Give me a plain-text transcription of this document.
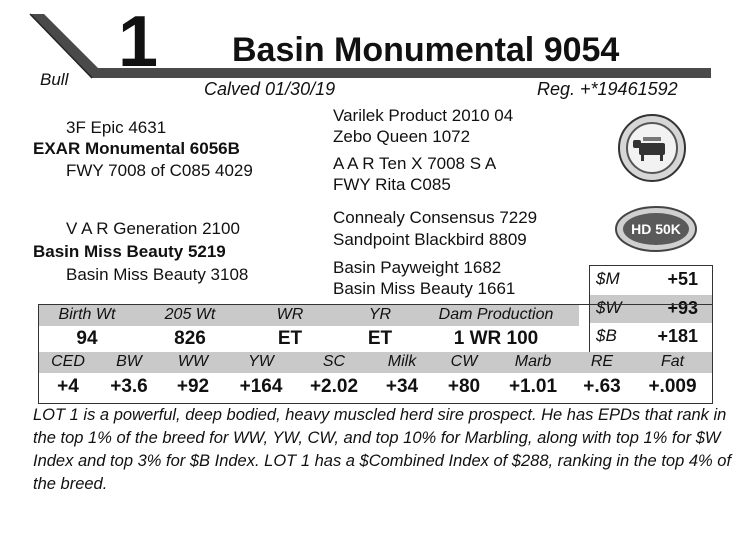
1 Basin Monumental 9054
Bull	Calved 01/30/19	Reg. +*19461592
3F Epic 4631
EXAR Monumental 6056B
FWY 7008 of C085 4029
V A R Generation 2100
Basin Miss Beauty 5219
Basin Miss Beauty 3108
Varilek Product 2010 04
Zebo Queen 1072
A A R Ten X 7008 S A
FWY Rita C085
Connealy Consensus 7229
Sandpoint Blackbird 8809
Basin Payweight 1682
Basin Miss Beauty 1661
HD 50K
$M	+51
$W	+93
$B +181
Birth Wt	205 Wt	WR	YR	Dam Production
94	826	ET	ET	1 WR 100
CED	BW	WW	YW	SC	Milk	CW	Marb	RE	Fat
+4	+3.6	+92	+164	+2.02	+34	+80	+1.01	+.63	+.009
LOT 1 is a powerful, deep bodied, heavy muscled herd sire prospect. He has EPDs that rank in the top 1% of the breed for WW, YW, CW, and top 10% for Marbling, along with top 1% for $W Index and top 3% for $B Index. LOT 1 has a $Combined Index of $288, ranking in the top 4% of the breed.
